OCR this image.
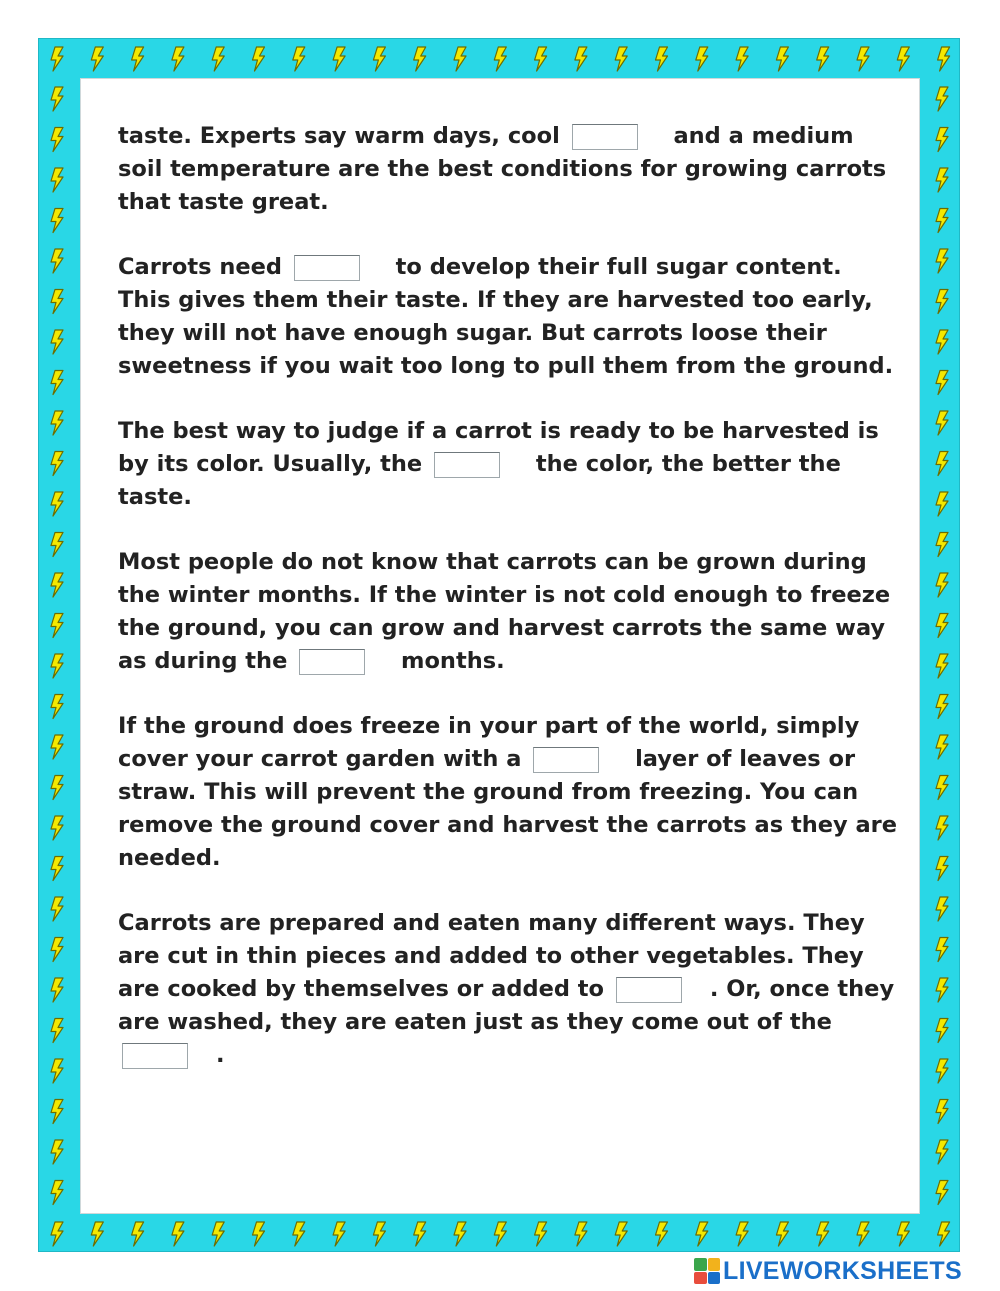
taste. Experts say warm days, cool	and a medium soil temperature are the best conditions for growing carrots that taste great.

Carrots need	to develop their full sugar content. This gives them their taste. If they are harvested too early, they will not have enough sugar. But carrots loose their sweetness if you wait too long to pull them from the ground.

The best way to judge if a carrot is ready to be harvested is by its color. Usually, the	the color, the better the taste.

Most people do not know that carrots can be grown during the winter months. If the winter is not cold enough to freeze the ground, you can grow and harvest carrots the same way as during the	months.

If the ground does freeze in your part of the world, simply cover your carrot garden with a	layer of leaves or straw. This will prevent the ground from freezing. You can remove the ground cover and harvest the carrots as they are needed.

Carrots are prepared and eaten many different ways. They are cut in thin pieces and added to other vegetables. They are cooked by themselves or added to	. Or, once they are washed, they are eaten just as they come out of the .

LIVEWORKSHEETS
